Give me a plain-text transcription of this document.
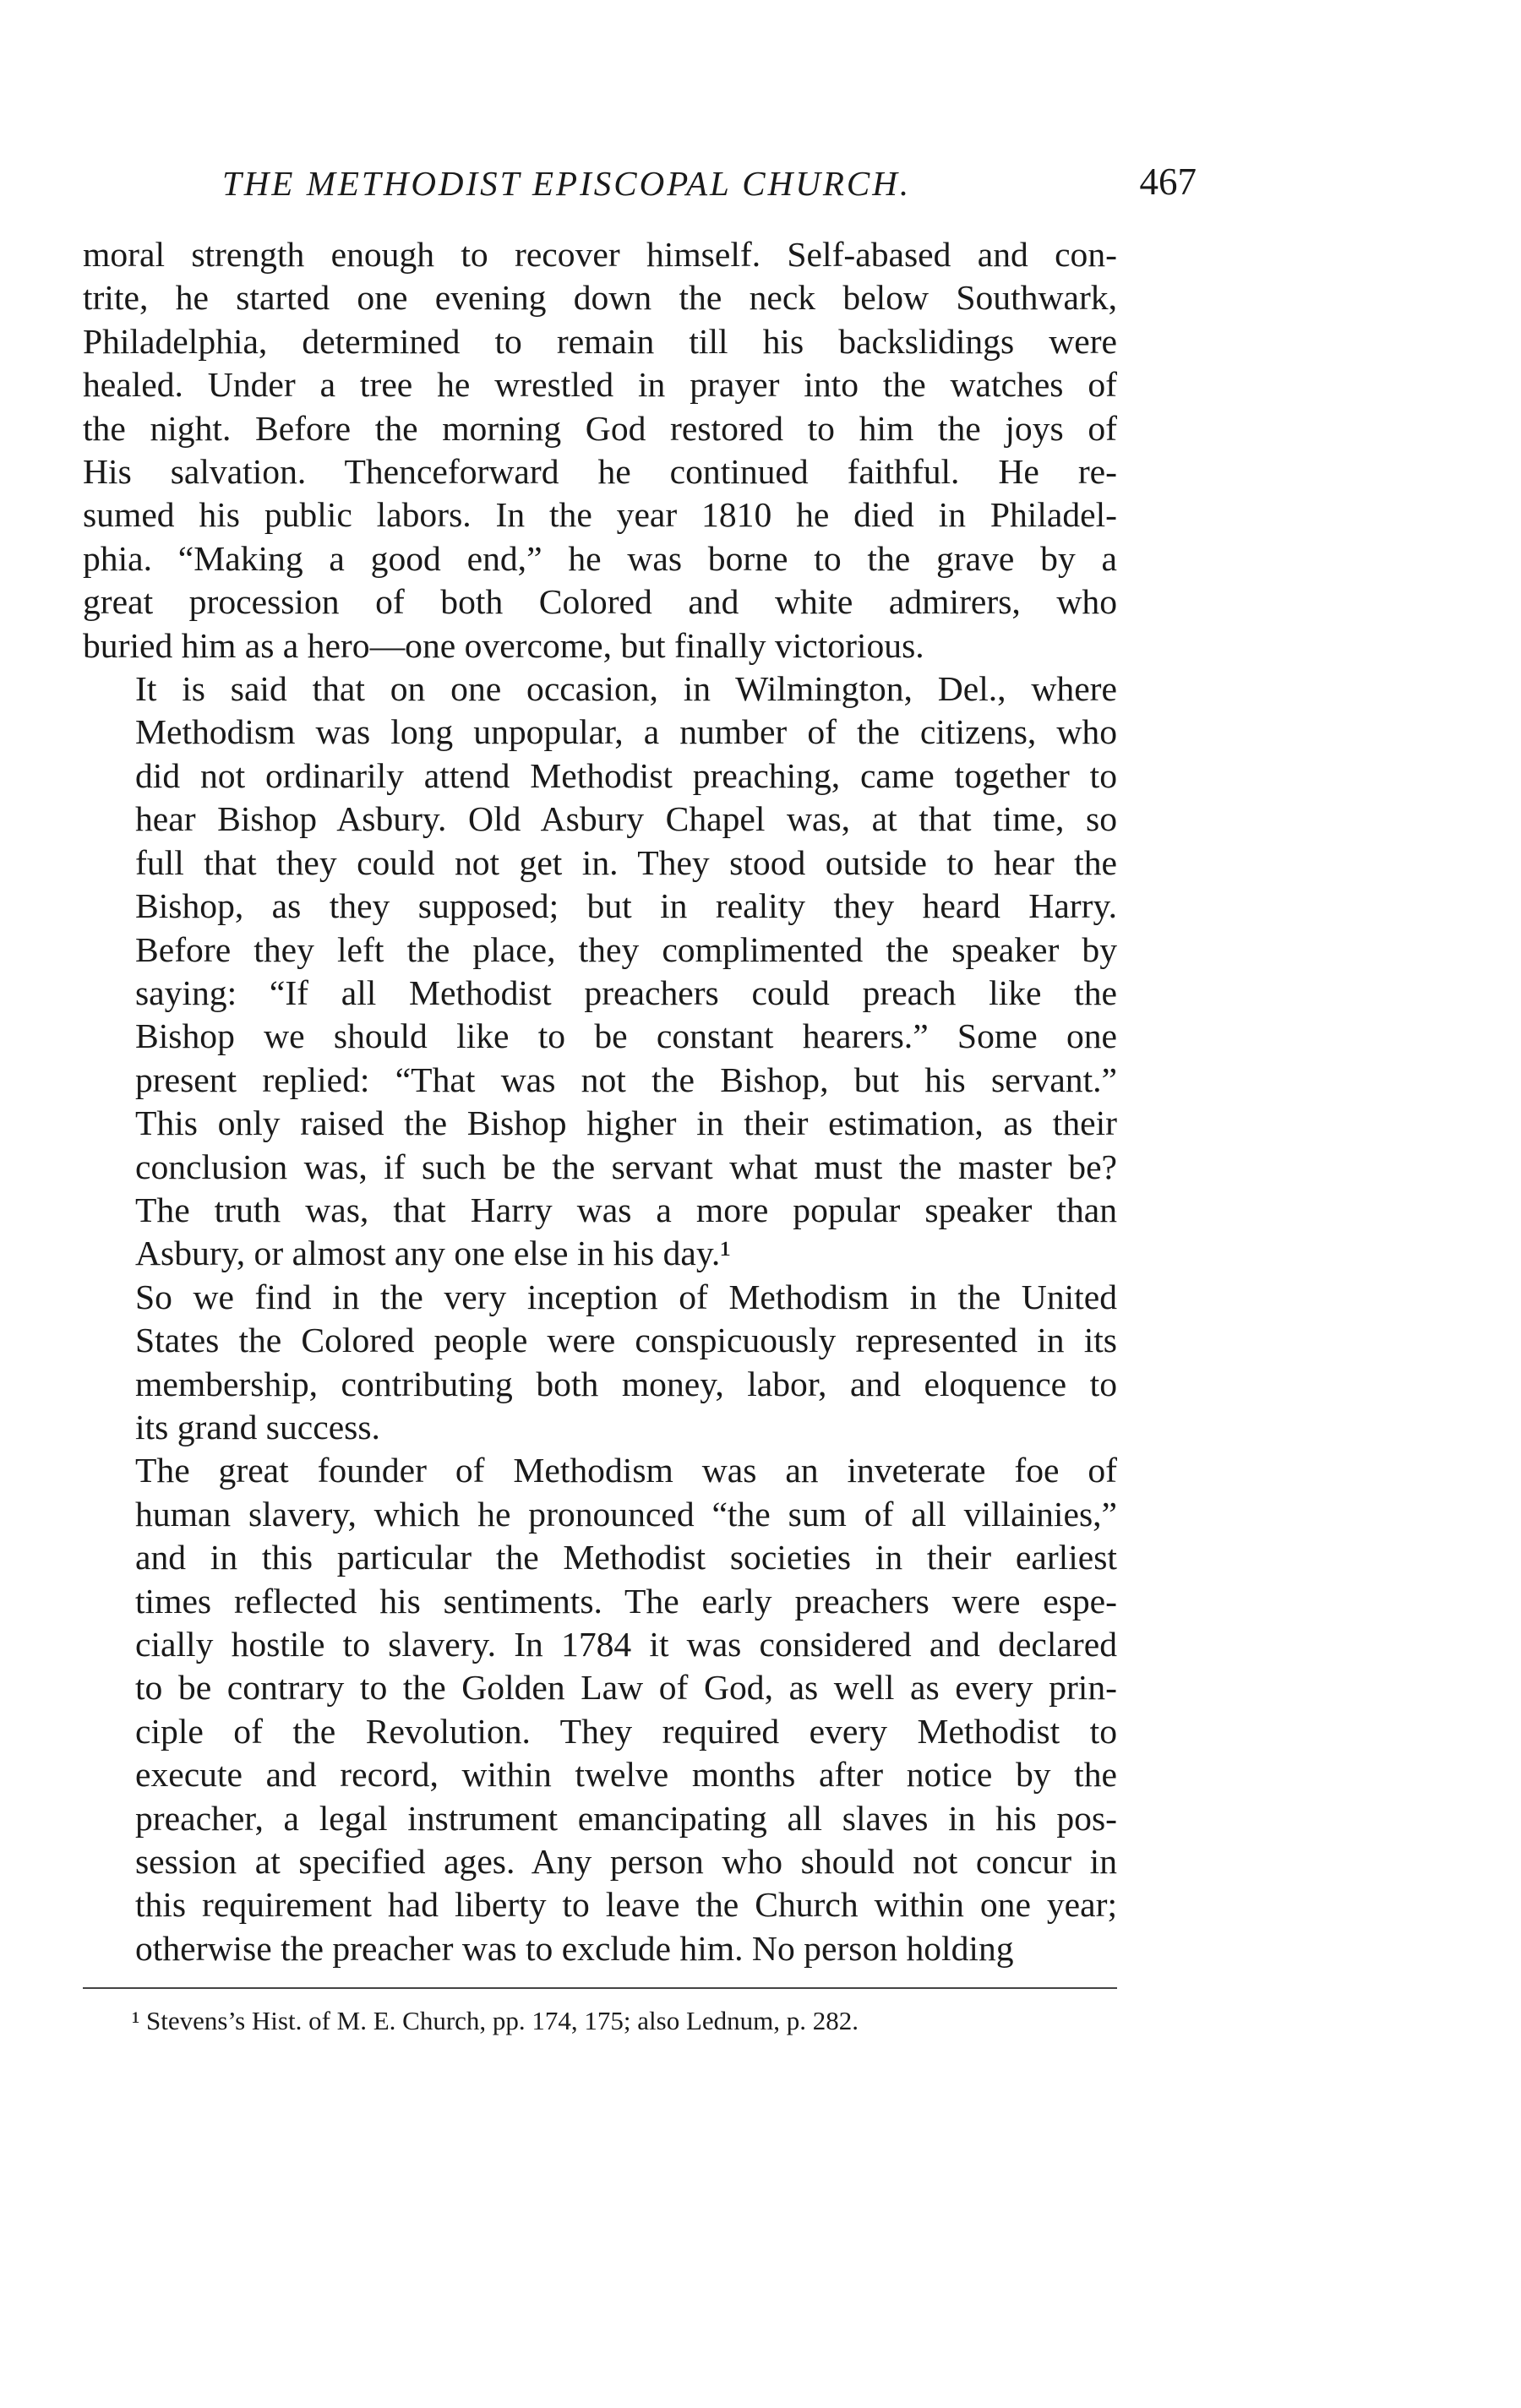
THE METHODIST EPISCOPAL CHURCH.	467

moral strength enough to recover himself. Self-abased and con-
trite, he started one evening down the neck below Southwark,
Philadelphia, determined to remain till his backslidings were
healed. Under a tree he wrestled in prayer into the watches of
the night. Before the morning God restored to him the joys of
His salvation. Thenceforward he continued faithful. He re-
sumed his public labors. In the year 1810 he died in Philadel-
phia. “Making a good end,” he was borne to the grave by a
great procession of both Colored and white admirers, who
buried him as a hero—one overcome, but finally victorious.

It is said that on one occasion, in Wilmington, Del., where
Methodism was long unpopular, a number of the citizens, who
did not ordinarily attend Methodist preaching, came together to
hear Bishop Asbury. Old Asbury Chapel was, at that time, so
full that they could not get in. They stood outside to hear the
Bishop, as they supposed; but in reality they heard Harry.
Before they left the place, they complimented the speaker by
saying: “If all Methodist preachers could preach like the
Bishop we should like to be constant hearers.” Some one
present replied: “That was not the Bishop, but his servant.”
This only raised the Bishop higher in their estimation, as their
conclusion was, if such be the servant what must the master be?
The truth was, that Harry was a more popular speaker than
Asbury, or almost any one else in his day.¹

So we find in the very inception of Methodism in the United
States the Colored people were conspicuously represented in its
membership, contributing both money, labor, and eloquence to
its grand success.

The great founder of Methodism was an inveterate foe of
human slavery, which he pronounced “the sum of all villainies,”
and in this particular the Methodist societies in their earliest
times reflected his sentiments. The early preachers were espe-
cially hostile to slavery. In 1784 it was considered and declared
to be contrary to the Golden Law of God, as well as every prin-
ciple of the Revolution. They required every Methodist to
execute and record, within twelve months after notice by the
preacher, a legal instrument emancipating all slaves in his pos-
session at specified ages. Any person who should not concur in
this requirement had liberty to leave the Church within one year;
otherwise the preacher was to exclude him. No person holding

¹ Stevens’s Hist. of M. E. Church, pp. 174, 175; also Lednum, p. 282.
